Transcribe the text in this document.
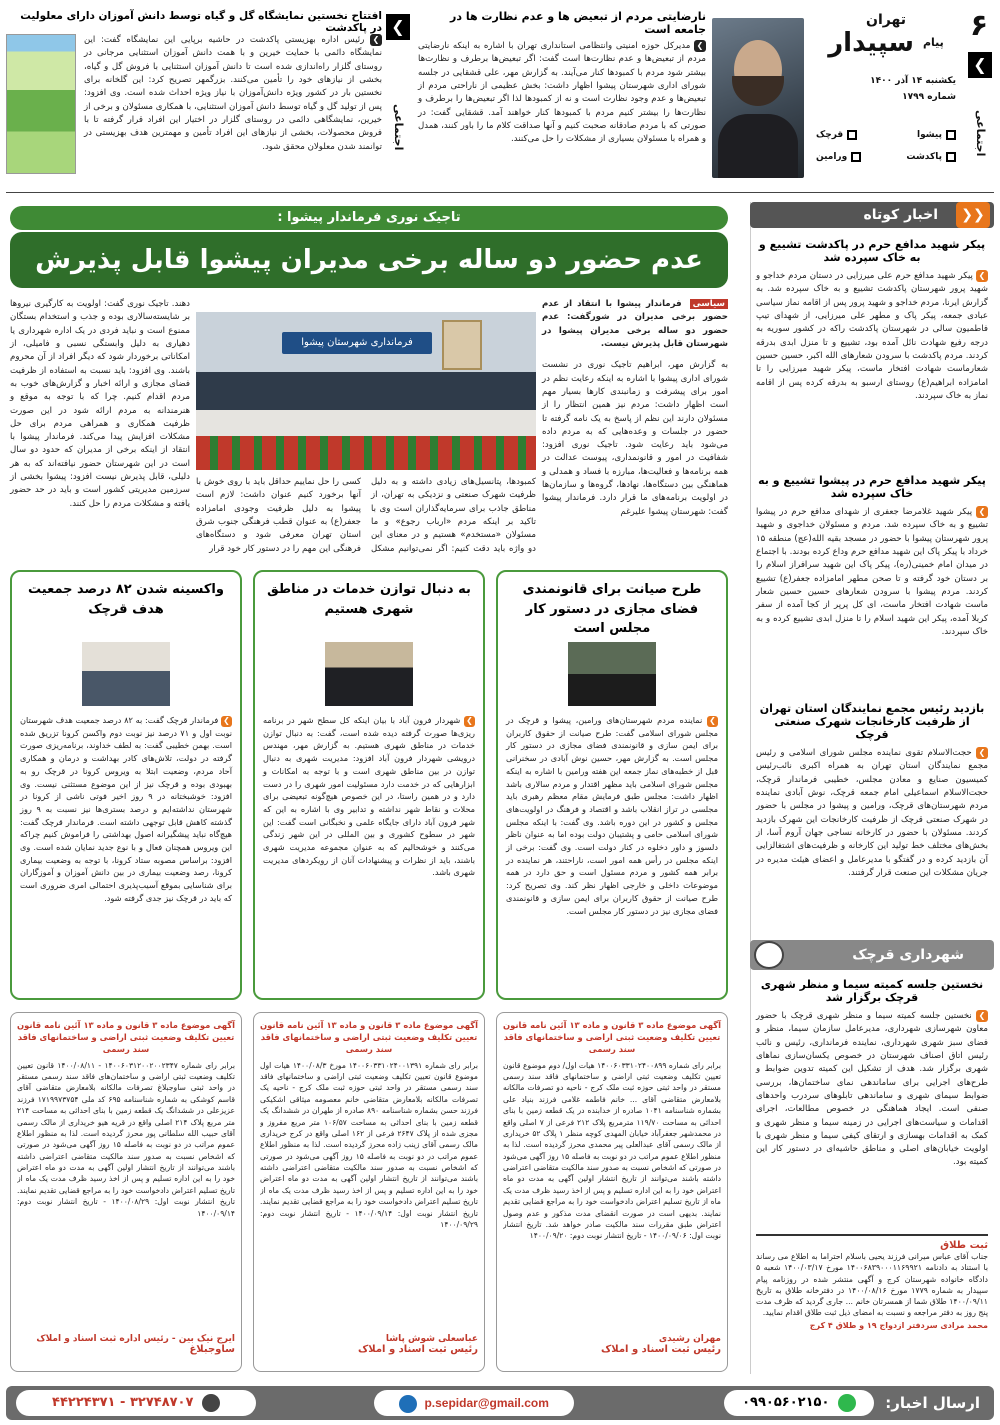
۶
❯
اجتماعی
تهران
$^{پیام}$ سپیدار
یکشنبه ۱۴ آذر ۱۴۰۰
شماره ۱۷۹۹
پیشوا
قرچک
پاکدشت
ورامین
نارضایتی مردم از تبعیض ها و عدم نظارت ها در جامعه است
❯ مدیرکل حوزه امنیتی وانتظامی استانداری تهران با اشاره به اینکه نارضایتی مردم از تبعیض‌ها و عدم نظارت‌ها است گفت: اگر تبعیض‌ها برطرف و نظارت‌ها بیشتر شود مردم با کمبودها کنار می‌آیند. به گزارش مهر، علی قشقایی در جلسه شورای اداری شهرستان پیشوا اظهار داشت: بخش عظیمی از ناراحتی مردم از تبعیض‌ها و عدم وجود نظارت است و نه از کمبودها لذا اگر تبعیض‌ها را برطرف و نظارت‌ها را بیشتر کنیم مردم با کمبودها کنار خواهند آمد. قشقایی گفت: در صورتی که با مردم صادقانه صحبت کنیم و آنها صداقت کلام ما را باور کنند، همدل و همراه با مسئولان بسیاری از مشکلات را حل می‌کنند.
❯
اجتماعی
افتتاح نخستین نمایشگاه گل و گیاه توسط دانش آموزان دارای معلولیت در پاکدشت
❯ رئیس اداره بهزیستی پاکدشت در حاشیه برپایی این نمایشگاه گفت: این نمایشگاه دائمی با حمایت خیرین و با همت دانش آموزان استثنایی مرجانی در روستای گلزار راه‌اندازی شده است تا دانش آموزان استثنایی با فروش گل و گیاه، بخشی از نیازهای خود را تأمین می‌کنند. بزرگمهر تصریح کرد: این گلخانه برای نخستین بار در کشور ویژه دانش‌آموزان با نیاز ویژه احداث شده است. وی افزود: پس از تولید گل و گیاه توسط دانش آموزان استثنایی، با همکاری مسئولان و برخی از خیرین، نمایشگاهی دائمی در روستای گلزار در اختیار این افراد قرار گرفته تا با فروش محصولات، بخشی از نیازهای این افراد تأمین و مهمترین هدف بهزیستی در توانمند شدن معلولان محقق شود.
❮❮
اخبار کوتاه
پیکر شهید مدافع حرم در پاکدشت تشییع و به خاک سپرده شد
❯ پیکر شهید مدافع حرم علی میرزایی در دستان مردم خداجو و شهید پرور شهرستان پاکدشت تشییع و به خاک سپرده شد. به گزارش ایرنا، مردم خداجو و شهید پرور پس از اقامه نماز سیاسی عبادی جمعه، پیکر پاک و مطهر علی میرزایی، از شهدای تیپ فاطمیون سالی در شهرستان پاکدشت راکه در کشور سوریه به درجه رفیع شهادت نائل آمده بود، تشییع و تا منزل ابدی بدرقه کردند. مردم پاکدشت با سرودن شعارهای الله اکبر، حسین حسین شعارماست شهادت افتخار ماست، پیکر شهید میرزایی را تا امامزاده ابراهیم(ع) روستای ارسبو به بدرقه کرده پس از اقامه نماز به خاک سپردند.
پیکر شهید مدافع حرم در پیشوا تشییع و به خاک سپرده شد
❯ پیکر شهید غلامرضا جعفری از شهدای مدافع حرم در پیشوا تشییع و به خاک سپرده شد. مردم و مسئولان خداجوی و شهید پرور شهرستان پیشوا با حضور در مسجد بقیه الله(عج) منطقه ۱۵ خرداد با پیکر پاک این شهید مدافع حرم وداع کرده بودند. با اجتماع در میدان امام خمینی(ره)، پیکر پاک این شهید سرافراز اسلام را بر دستان خود گرفته و تا صحن مطهر امامزاده جعفر(ع) تشییع کردند. مردم پیشوا با سرودن شعارهای حسین حسین شعار ماست شهادت افتخار ماست، ای کل پرپر از کجا آمده از سفر کربلا آمده، پیکر این شهید اسلام را تا منزل ابدی تشییع کرده و به خاک سپردند.
بازدید رئیس مجمع نمایندگان استان تهران از ظرفیت کارخانجات شهرک صنعتی قرچک
❯ حجت‌الاسلام تقوی نماینده مجلس شورای اسلامی و رئیس مجمع نمایندگان استان تهران به همراه اکبری نائب‌رئیس کمیسیون صنایع و معادن مجلس، خطیبی فرماندار قرچک، حجت‌الاسلام اسماعیلی امام جمعه قرچک، نوش آبادی نماینده مردم شهرستان‌های قرچک، ورامین و پیشوا در مجلس با حضور در شهرک صنعتی قرچک از ظرفیت کارخانجات این شهرک بازدید کردند. مسئولان با حضور در کارخانه نساجی جهان آروم آسا، از بخش‌های مختلف خط تولید این کارخانه و ظرفیت‌های اشتغالزایی آن بازدید کرده و در گفتگو با مدیرعامل و اعضای هیئت مدیره در جریان مشکلات این صنعت قرار گرفتند.
شهرداری قرچک
نخستین جلسه کمیته سیما و منظر شهری قرچک برگزار شد
❯ نخستین جلسه کمیته سیما و منظر شهری قرچک با حضور معاون شهرسازی شهرداری، مدیرعامل سازمان سیما، منظر و فضای سبز شهری شهرداری، نماینده فرمانداری، رئیس و نائب رئیس اتاق اصناف شهرستان در خصوص یکسان‌سازی نماهای شهری برگزار شد. هدف از تشکیل این کمیته تدوین ضوابط و طرح‌های اجرایی برای ساماندهی نمای ساختمان‌ها، بررسی ضوابط سیمای شهری و ساماندهی تابلوهای سردرب واحدهای صنفی است. ایجاد هماهنگی در خصوص مطالعات، اجرای اقدامات و سیاست‌های اجرایی در زمینه سیما و منظر شهری و کمک به اقدامات بهسازی و ارتقای کیفی سیما و منظر شهری با اولویت خیابان‌های اصلی و مناطق حاشیه‌ای در دستور کار این کمیته بود.
ثبت طلاق
جناب آقای عباس میرانی فرزند یحیی باسلام احتراما به اطلاع می رساند با استناد به دادنامه ۱۴۰۰۶۸۳۹۰۰۰۱۱۶۹۹۲۱ مورخ ۱۴۰۰/۰۳/۱۷ شعبه ۵ دادگاه خانواده شهرستان کرج و آگهی منتشر شده در روزنامه پیام سپیدار به شماره ۱۷۷۹ مورخ ۱۴۰۰/۰۸/۱۶ در دفترخانه طلاق به تاریخ ۱۴۰۰/۰۹/۱۱ طلاق شما از همسرتان خانم ... جاری گردید که ظرف مدت پنج روز به دفتر مراجعه و نسبت به امضای ذیل ثبت طلاق اقدام نمایید.
محمد مرادی سردفتر ازدواج ۱۹ و طلاق ۴ کرج
تاجیک نوری فرماندار پیشوا :
عدم حضور دو ساله برخی مدیران پیشوا قابل پذیرش
سیاسی فرماندار پیشوا با انتقاد از عدم حضور برخی مدیران در شورگفت: عدم حضور دو ساله برخی مدیران پیشوا در شهرستان قابل پذیرش نیست.
به گزارش مهر، ابراهیم تاجیک نوری در نشست شورای اداری پیشوا با اشاره به اینکه رعایت نظم در امور برای پیشرفت و زمانبندی کارها بسیار مهم است اظهار داشت: مردم نیز همین انتظار را از مسئولان دارند این نظم از پاسخ به یک نامه گرفته تا حضور در جلسات و وعده‌هایی که به مردم داده می‌شود باید رعایت شود. تاجیک نوری افزود: شفافیت در امور و قانونمداری، پیوست عدالت در همه برنامه‌ها و فعالیت‌ها، مبارزه با فساد و همدلی و هماهنگی بین دستگاه‌ها، نهادها، گروه‌ها و سازمان‌ها در اولویت برنامه‌های ما قرار دارد. فرماندار پیشوا گفت: شهرستان پیشوا علیرغم
فرمانداری شهرستان پیشوا
کمبودها، پتانسیل‌های زیادی داشته و به دلیل ظرفیت شهرک صنعتی و نزدیکی به تهران، از مناطق جاذب برای سرمایه‌گذاران است وی با تاکید بر اینکه مردم «ارباب رجوع» و ما مسئولان «مستخدم» هستیم و در معنای این دو واژه باید دقت کنیم: اگر نمی‌توانیم مشکل کسی را حل نماییم حداقل باید با روی خوش با آنها برخورد کنیم عنوان داشت: لازم است پیشوا به دلیل ظرفیت وجودی امامزاده جعفر(ع) به عنوان قطب فرهنگی جنوب شرق استان تهران معرفی شود و دستگاه‌های فرهنگی این مهم را در دستور کار خود قرار
دهند. تاجیک نوری گفت: اولویت به کارگیری نیروها بر شایسته‌سالاری بوده و جذب و استخدام بستگان ممنوع است و نباید فردی در یک اداره شهرداری یا دهیاری به دلیل وابستگی نسبی و فامیلی، از امکاناتی برخوردار شود که دیگر افراد از آن محروم باشند. وی افزود: باید نسبت به استفاده از ظرفیت فضای مجازی و ارائه اخبار و گزارش‌های خوب به مردم اقدام کنیم. چرا که با توجه به موقع و هنرمندانه به مردم ارائه شود در این صورت ظرفیت همکاری و همراهی مردم برای حل مشکلات افزایش پیدا می‌کند. فرماندار پیشوا با انتقاد از اینکه برخی از مدیران که حدود دو سال است در این شهرستان حضور نیافته‌اند که به هر دلیلی، قابل پذیرش نیست افزود: پیشوا بخشی از سرزمین مدیریتی کشور است و باید در حد حضور یافته و مشکلات مردم را حل کنند.
طرح صیانت برای قانونمندی فضای مجازی در دستور کار مجلس است
❯ نماینده مردم شهرستان‌های ورامین، پیشوا و قرچک در مجلس شورای اسلامی گفت: طرح صیانت از حقوق کاربران برای ایمن سازی و قانونمندی فضای مجازی در دستور کار مجلس است. به گزارش مهر، حسین نوش آبادی در سخنرانی قبل از خطبه‌های نماز جمعه این هفته ورامین با اشاره به اینکه مجلس شورای اسلامی باید مظهر اقتدار و مردم سالاری باشد اظهار داشت: مجلس طبق فرمایش مقام معظم رهبری باید مجلسی در تراز انقلاب باشد و اقتصاد و فرهنگ در اولویت‌های مجلس و کشور در این دوره باشد. وی گفت: با اینکه مجلس شورای اسلامی حامی و پشتیبان دولت بوده اما به عنوان ناظر دلسوز و داور دخلوه در کنار دولت است. وی گفت: برخی از اینکه مجلس در رأس همه امور است، ناراحتند، هر نماینده در برابر همه کشور و مردم مسئول است و حق دارد در همه موضوعات داخلی و خارجی اظهار نظر کند. وی تصریح کرد: طرح صیانت از حقوق کاربران برای ایمن سازی و قانونمندی فضای مجازی نیز در دستور کار مجلس است.
به دنبال توازن خدمات در مناطق شهری هستیم
❯ شهردار فرون آباد با بیان اینکه کل سطح شهر در برنامه ریزی‌ها صورت گرفته دیده شده است، گفت: به دنبال توازن خدمات در مناطق شهری هستیم. به گزارش مهر، مهندس درویشی شهردار فرون آباد افزود: مدیریت شهری به دنبال توازن در بین مناطق شهری است و با توجه به امکانات و ابزارهایی که در خدمت دارد مسئولیت امور شهری را در دست دارد و در همین راستا، در این خصوص هیچ‌گونه تبعیضی برای محلات و نقاط شهر نداشته و تدابیر وی با اشاره به این که شهر فرون آباد دارای جایگاه علمی و نخبگانی است گفت: این شهر در سطوح کشوری و بین المللی در این شهر زندگی می‌کنند و خوشحالیم که به عنوان مجموعه مدیریت شهری باشند، باید از نظرات و پیشنهادات آنان از رویکردهای مدیریت شهری باشد.
واکسینه شدن ۸۲ درصد جمعیت هدف قرچک
❯ فرماندار قرچک گفت: به ۸۲ درصد جمعیت هدف شهرستان نوبت اول و ۷۱ درصد نیز نوبت دوم واکسن کرونا تزریق شده است. بهمن خطیبی گفت: به لطف خداوند، برنامه‌ریزی صورت گرفته در دولت، تلاش‌های کادر بهداشت و درمان و همکاری آحاد مردم، وضعیت ابتلا به ویروس کرونا در قرچک رو به بهبودی بوده و قرچک نیز از این موضوع مستثنی نیست. وی افزود: خوشبختانه در ۹ روز اخیر فوتی ناشی از کرونا در شهرستان نداشته‌ایم و درصد بستری‌ها نیز نسبت به ۹ روز گذشته کاهش قابل توجهی داشته است. فرماندار قرچک گفت: هیچ‌گاه نباید پیشگیرانه اصول بهداشتی را فراموش کنیم چراکه این ویروس همچنان فعال و با نوع جدید نمایان شده است. وی افزود: براساس مصوبه ستاد کرونا، با توجه به وضعیت بیماری کرونا، رصد وضعیت بیماری در بین دانش آموزان و آموزگاران برای شناسایی بموقع آسیب‌پذیری احتمالی امری ضروری است که باید در قرچک نیز جدی گرفته شود.
آگهی موضوع ماده ۳ قانون و ماده ۱۳ آئین نامه قانون تعیین تکلیف وضعیت ثبتی اراضی و ساختمانهای فاقد سند رسمی
برابر رای شماره ۱۴۰۰۶۰۳۳۱۰۲۴۰۰۸۹۹ هیات اول/ دوم موضوع قانون تعیین تکلیف وضعیت ثبتی اراضی و ساختمانهای فاقد سند رسمی مستقر در واحد ثبتی حوزه ثبت ملک کرج - ناحیه دو تصرفات مالکانه بلامعارض متقاضی آقای ... خانم فاطمه غلامی فرزند بنیاد علی بشماره شناسنامه ۱۰۴۱ صادره از خدابنده در یک قطعه زمین با بنای احداثی به مساحت ۱۱۹/۷۰ مترمربع پلاک ۲۱۲ فرعی از ۷ اصلی واقع در محمدشهر جعفرآباد خیابان المهدی کوچه منظر ۱ پلاک ۵۲ خریداری از مالک رسمی آقای عبدالعلی پیر محمدی محرز گردیده است. لذا به منظور اطلاع عموم مراتب در دو نوبت به فاصله ۱۵ روز آگهی می‌شود در صورتی که اشخاص نسبت به صدور سند مالکیت متقاضی اعتراضی داشته باشند می‌توانند از تاریخ انتشار اولین آگهی به مدت دو ماه اعتراض خود را به این اداره تسلیم و پس از اخذ رسید ظرف مدت یک ماه از تاریخ تسلیم اعتراض دادخواست خود را به مراجع قضایی تقدیم نمایند. بدیهی است در صورت انقضای مدت مذکور و عدم وصول اعتراض طبق مقررات سند مالکیت صادر خواهد شد. تاریخ انتشار نوبت اول: ۱۴۰۰/۰۹/۰۶ - تاریخ انتشار نوبت دوم: ۱۴۰۰/۰۹/۲۰
مهران رشیدی
رئیس ثبت اسناد و املاک
آگهی موضوع ماده ۳ قانون و ماده ۱۳ آئین نامه قانون تعیین تکلیف وضعیت ثبتی اراضی و ساختمانهای فاقد سند رسمی
برابر رای شماره ۱۴۰۰۶۰۳۳۱۰۲۴۰۰۱۳۹۱ مورخ ۱۴۰۰/۰۸/۳ هیات اول موضوع قانون تعیین تکلیف وضعیت ثبتی اراضی و ساختمانهای فاقد سند رسمی مستقر در واحد ثبتی حوزه ثبت ملک کرج - ناحیه یک تصرفات مالکانه بلامعارض متقاضی خانم معصومه میثاقی اشکیکی فرزند حسن بشماره شناسنامه ۸۹۰ صادره از طهران در ششدانگ یک قطعه زمین با بنای احداثی به مساحت ۱۰۶/۵۷ متر مربع مفروز و مجزی شده از پلاک ۲۶۴۷ فرعی از ۱۶۲ اصلی واقع در کرج خریداری مالک رسمی آقای زینب زاده محرز گردیده است. لذا به منظور اطلاع عموم مراتب در دو نوبت به فاصله ۱۵ روز آگهی می‌شود در صورتی که اشخاص نسبت به صدور سند مالکیت متقاضی اعتراضی داشته باشند می‌توانند از تاریخ انتشار اولین آگهی به مدت دو ماه اعتراض خود را به این اداره تسلیم و پس از اخذ رسید ظرف مدت یک ماه از تاریخ تسلیم اعتراض دادخواست خود را به مراجع قضایی تقدیم نمایند. تاریخ انتشار نوبت اول: ۱۴۰۰/۰۹/۱۴ - تاریخ انتشار نوبت دوم: ۱۴۰۰/۰۹/۲۹
عباسعلی شوش پاشا
رئیس ثبت اسناد و املاک
آگهی موضوع ماده ۳ قانون و ماده ۱۳ آئین نامه قانون تعیین تکلیف وضعیت ثبتی اراضی و ساختمانهای فاقد سند رسمی
برابر رای شماره ۱۴۰۰۶۰۳۱۲۰۰۲۰۰۲۳۴۷ - ۱۴۰۰/۰۸/۱۱ قانون تعیین تکلیف وضعیت ثبتی اراضی و ساختمان‌های فاقد سند رسمی مستقر در واحد ثبتی ساوجبلاغ تصرفات مالکانه بلامعارض متقاضی آقای قاسم کوشکی به شماره شناسنامه ۶۹۵ کد ملی ۱۷۱۹۹۷۳۷۵۴ فرزند عزیزعلی در ششدانگ یک قطعه زمین با بنای احداثی به مساحت ۲۱۴ متر مربع پلاک ۲۱۴ اصلی واقع در قریه هیو خریداری از مالک رسمی آقای حبیب الله سلطانی پور محرز گردیده است. لذا به منظور اطلاع عموم مراتب در دو نوبت به فاصله ۱۵ روز آگهی می‌شود در صورتی که اشخاص نسبت به صدور سند مالکیت متقاضی اعتراضی داشته باشند می‌توانند از تاریخ انتشار اولین آگهی به مدت دو ماه اعتراض خود را به این اداره تسلیم و پس از اخذ رسید ظرف مدت یک ماه از تاریخ تسلیم اعتراض دادخواست خود را به مراجع قضایی تقدیم نمایند. تاریخ انتشار نوبت اول: ۱۴۰۰/۰۸/۲۹ - تاریخ انتشار نوبت دوم: ۱۴۰۰/۰۹/۱۴
ایرج نیک بین - رئیس اداره ثبت اسناد و املاک
ساوجبلاغ
ارسال اخبار:
۰۹۹۰۵۶۰۲۱۵۰
p.sepidar@gmail.com
۳۲۷۴۸۷۰۷ - ۴۴۲۲۴۳۷۱
